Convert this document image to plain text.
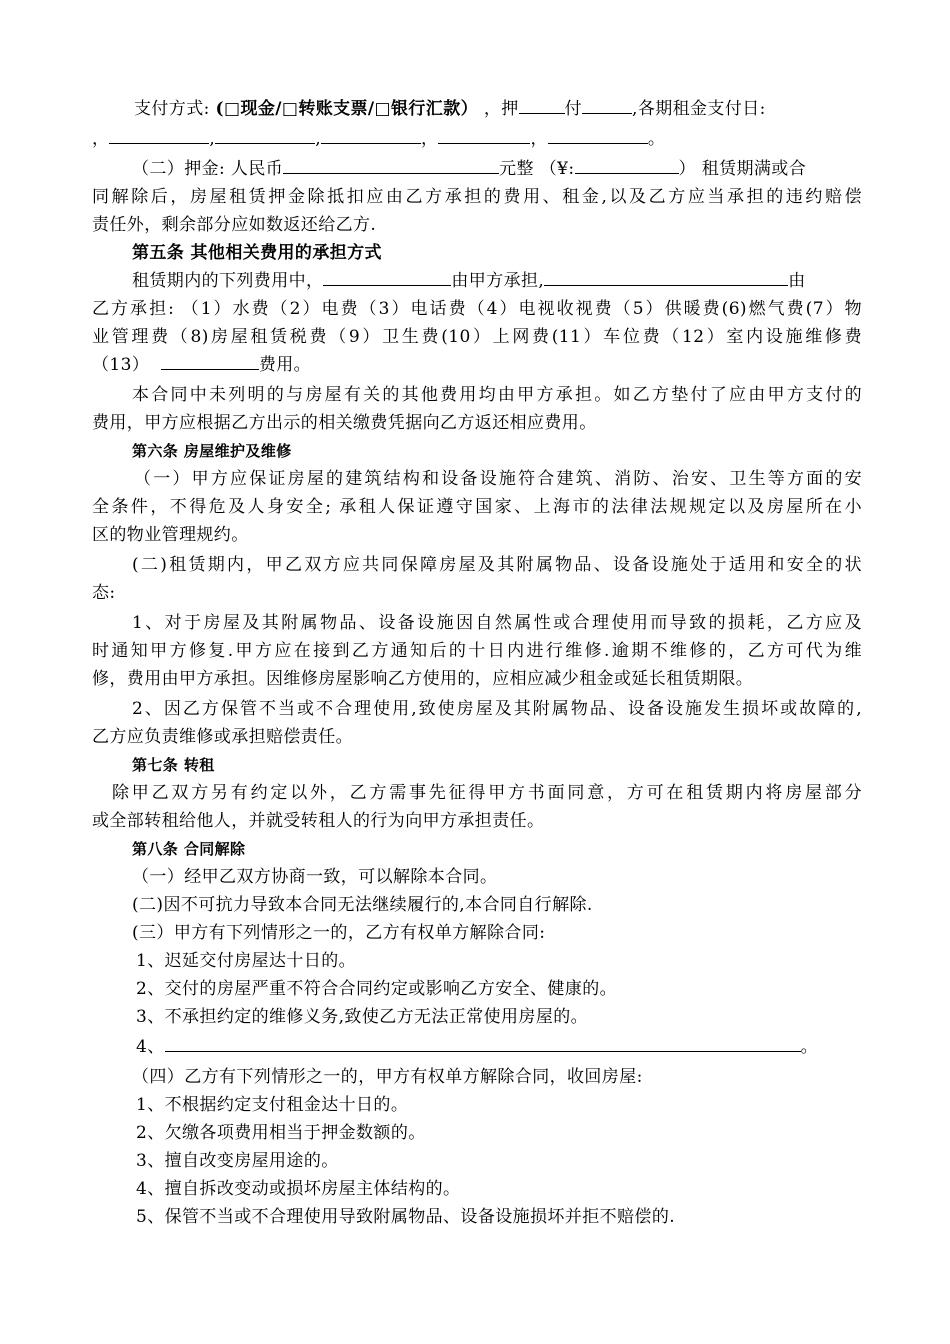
支付方式: (□现金/□转账支票/□银行汇款） ，押	付	,各期租金支付日:
，	,	,	，	，	。
（二）押金: 人民币	元整 （¥:	） 租赁期满或合
同解除后，房屋租赁押金除抵扣应由乙方承担的费用、租金,以及乙方应当承担的违约赔偿
责任外，剩余部分应如数返还给乙方.
第五条 其他相关费用的承担方式
租赁期内的下列费用中，	由甲方承担,	由
乙方承担: （1）水费（2）电费（3）电话费（4）电视收视费（5）供暖费(6)燃气费(7）物
业管理费（8)房屋租赁税费（9）卫生费(10）上网费(11）车位费（12）室内设施维修费
（13）	费用。
本合同中未列明的与房屋有关的其他费用均由甲方承担。如乙方垫付了应由甲方支付的
费用，甲方应根据乙方出示的相关缴费凭据向乙方返还相应费用。
第六条 房屋维护及维修
（一）甲方应保证房屋的建筑结构和设备设施符合建筑、消防、治安、卫生等方面的安
全条件，不得危及人身安全; 承租人保证遵守国家、上海市的法律法规规定以及房屋所在小
区的物业管理规约。
(二)租赁期内，甲乙双方应共同保障房屋及其附属物品、设备设施处于适用和安全的状
态:
1、对于房屋及其附属物品、设备设施因自然属性或合理使用而导致的损耗，乙方应及
时通知甲方修复.甲方应在接到乙方通知后的十日内进行维修.逾期不维修的，乙方可代为维
修，费用由甲方承担。因维修房屋影响乙方使用的，应相应减少租金或延长租赁期限。
2、因乙方保管不当或不合理使用,致使房屋及其附属物品、设备设施发生损坏或故障的,
乙方应负责维修或承担赔偿责任。
第七条 转租
除甲乙双方另有约定以外，乙方需事先征得甲方书面同意，方可在租赁期内将房屋部分
或全部转租给他人，并就受转租人的行为向甲方承担责任。
第八条 合同解除
（一）经甲乙双方协商一致，可以解除本合同。
(二)因不可抗力导致本合同无法继续履行的,本合同自行解除.
(三）甲方有下列情形之一的，乙方有权单方解除合同:
1、迟延交付房屋达十日的。
2、交付的房屋严重不符合合同约定或影响乙方安全、健康的。
3、不承担约定的维修义务,致使乙方无法正常使用房屋的。
4、	。
（四）乙方有下列情形之一的，甲方有权单方解除合同，收回房屋:
1、不根据约定支付租金达十日的。
2、欠缴各项费用相当于押金数额的。
3、擅自改变房屋用途的。
4、擅自拆改变动或损坏房屋主体结构的。
5、保管不当或不合理使用导致附属物品、设备设施损坏并拒不赔偿的.
